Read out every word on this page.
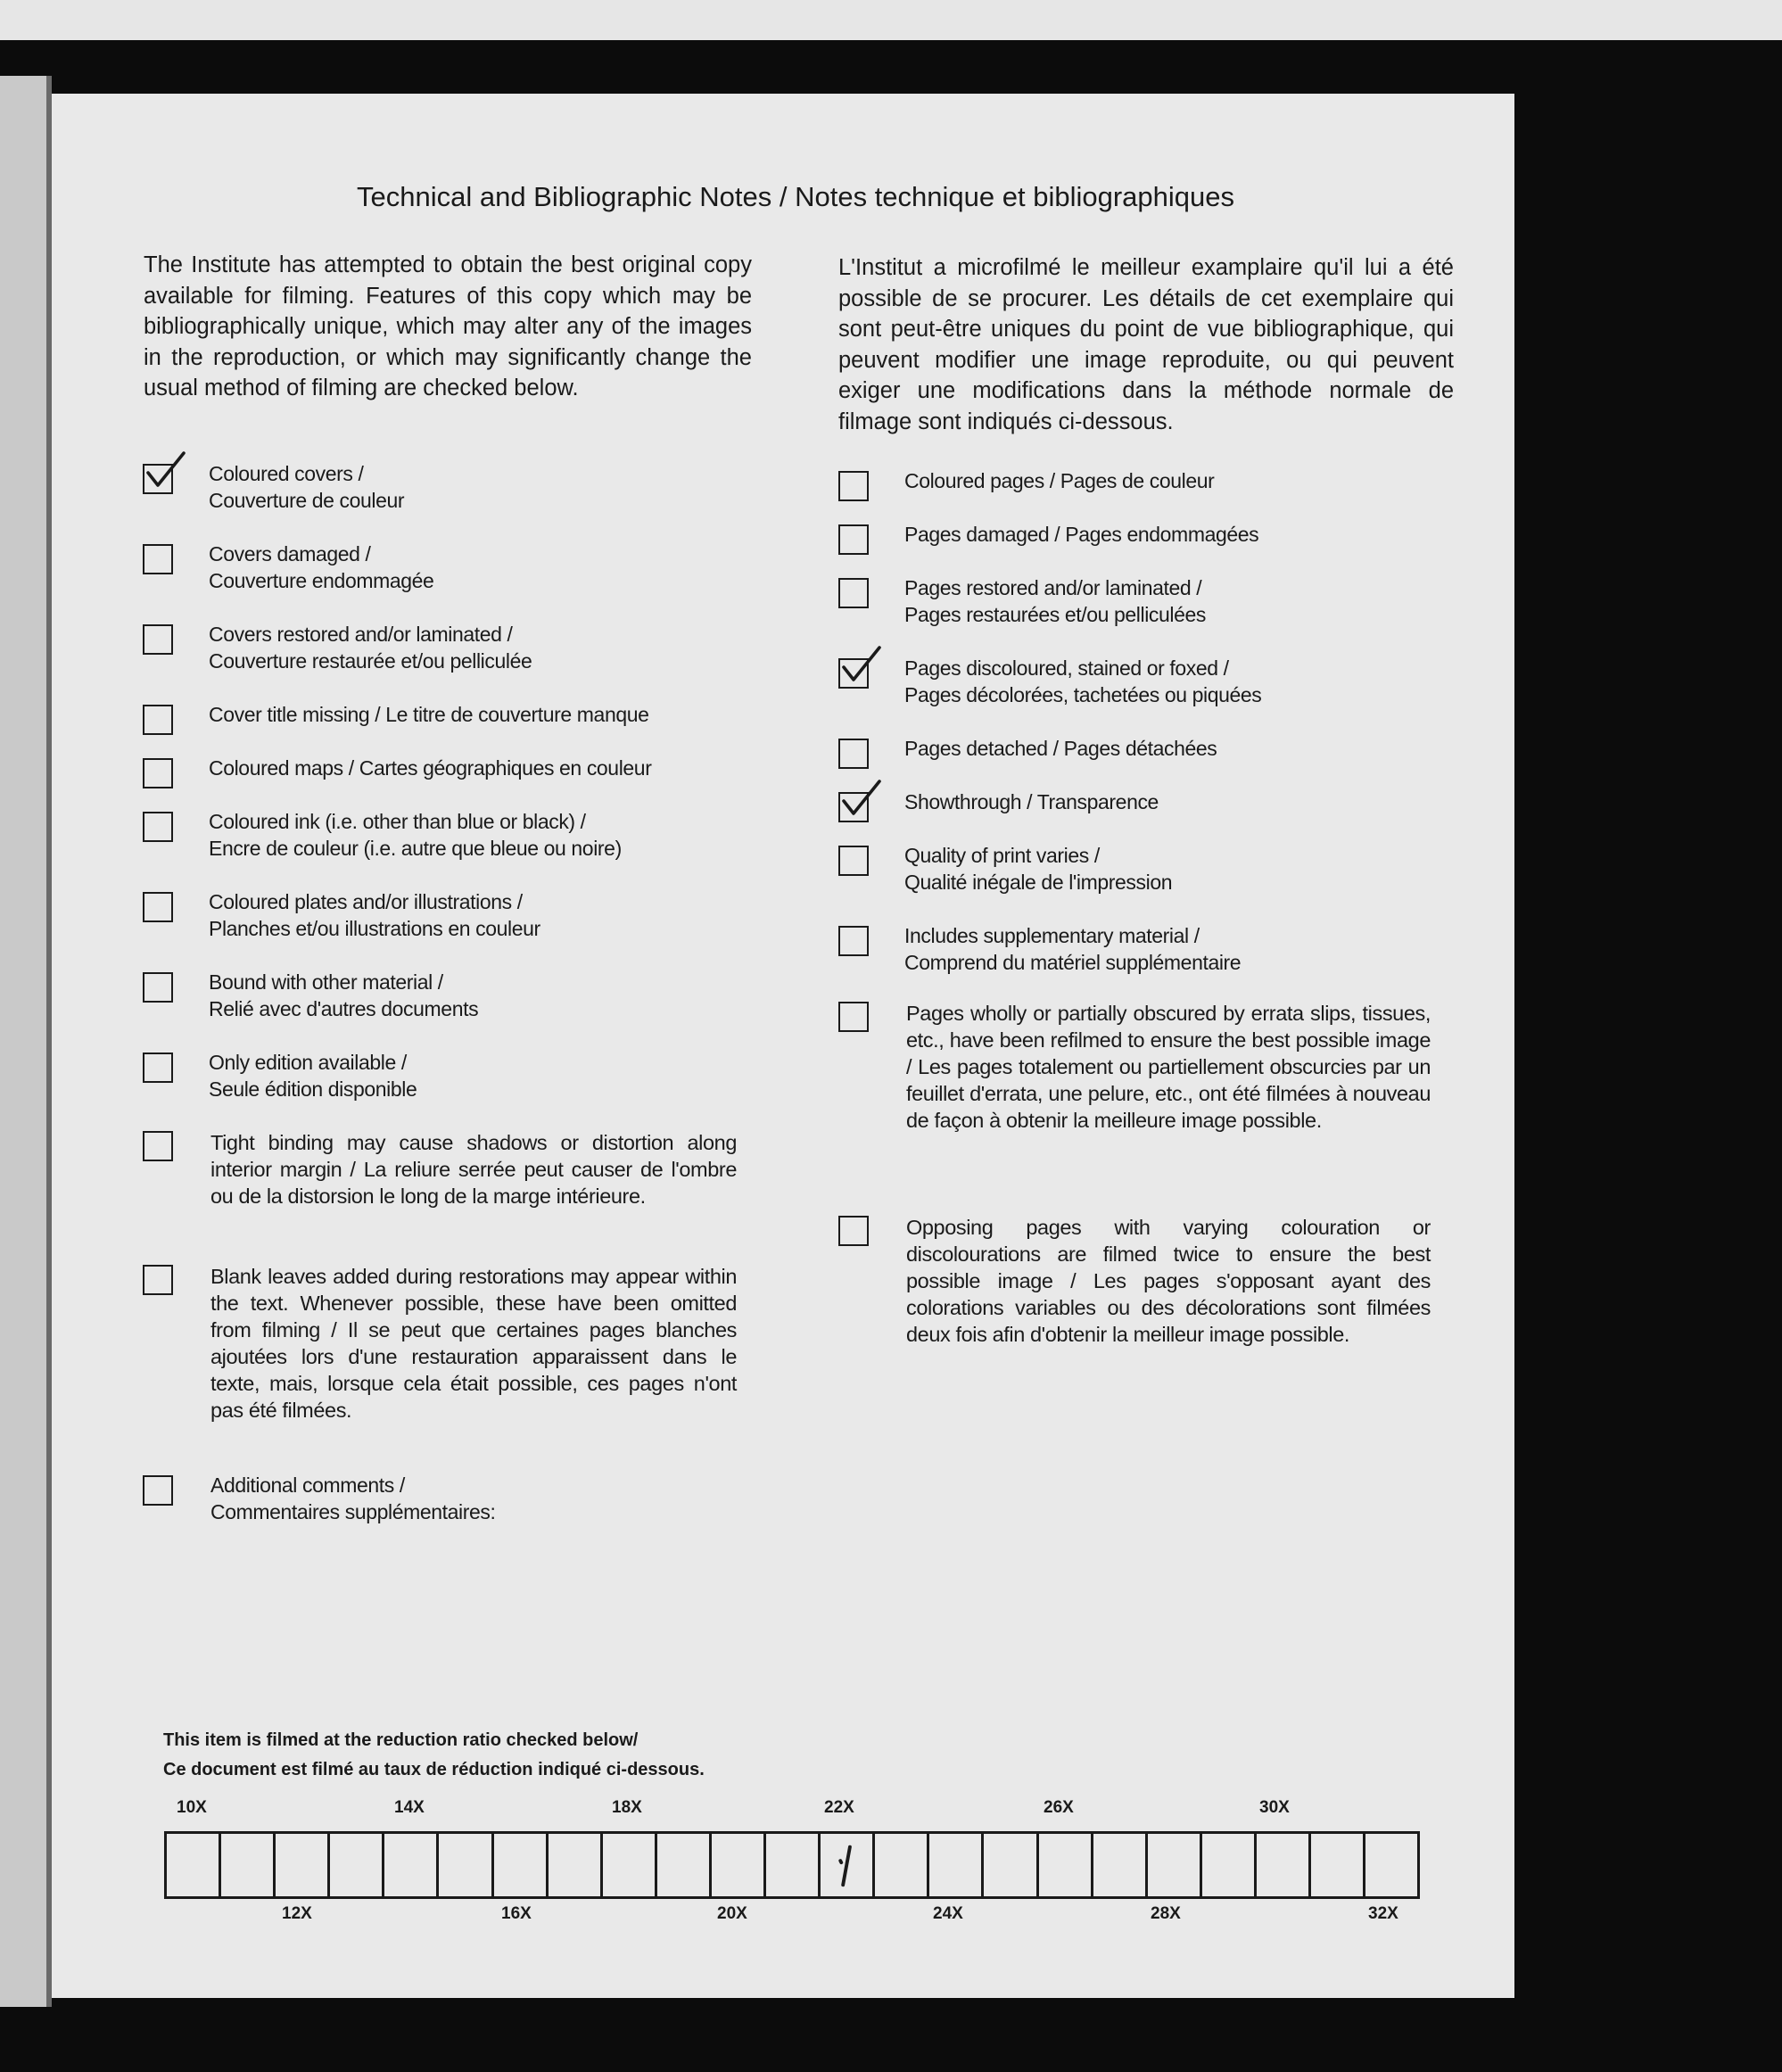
Technical and Bibliographic Notes / Notes technique et bibliographiques
The Institute has attempted to obtain the best original copy available for filming. Features of this copy which may be bibliographically unique, which may alter any of the images in the reproduction, or which may significantly change the usual method of filming are checked below.
L'Institut a microfilmé le meilleur examplaire qu'il lui a été possible de se procurer. Les détails de cet exemplaire qui sont peut-être uniques du point de vue bibliographique, qui peuvent modifier une image reproduite, ou qui peuvent exiger une modifications dans la méthode normale de filmage sont indiqués ci-dessous.
Coloured covers /
Couverture de couleur
Covers damaged /
Couverture endommagée
Covers restored and/or laminated /
Couverture restaurée et/ou pelliculée
Cover title missing / Le titre de couverture manque
Coloured maps / Cartes géographiques en couleur
Coloured ink (i.e. other than blue or black) /
Encre de couleur (i.e. autre que bleue ou noire)
Coloured plates and/or illustrations /
Planches et/ou illustrations en couleur
Bound with other material /
Relié avec d'autres documents
Only edition available /
Seule édition disponible
Tight binding may cause shadows or distortion along interior margin / La reliure serrée peut causer de l'ombre ou de la distorsion le long de la marge intérieure.
Blank leaves added during restorations may appear within the text. Whenever possible, these have been omitted from filming / Il se peut que certaines pages blanches ajoutées lors d'une restauration apparaissent dans le texte, mais, lorsque cela était possible, ces pages n'ont pas été filmées.
Additional comments /
Commentaires supplémentaires:
Coloured pages / Pages de couleur
Pages damaged / Pages endommagées
Pages restored and/or laminated /
Pages restaurées et/ou pelliculées
Pages discoloured, stained or foxed /
Pages décolorées, tachetées ou piquées
Pages detached / Pages détachées
Showthrough / Transparence
Quality of print varies /
Qualité inégale de l'impression
Includes supplementary material /
Comprend du matériel supplémentaire
Pages wholly or partially obscured by errata slips, tissues, etc., have been refilmed to ensure the best possible image / Les pages totalement ou partiellement obscurcies par un feuillet d'errata, une pelure, etc., ont été filmées à nouveau de façon à obtenir la meilleure image possible.
Opposing pages with varying colouration or discolourations are filmed twice to ensure the best possible image / Les pages s'opposant ayant des colorations variables ou des décolorations sont filmées deux fois afin d'obtenir la meilleur image possible.
This item is filmed at the reduction ratio checked below/
Ce document est filmé au taux de réduction indiqué ci-dessous.
10X	14X	18X	22X	26X	30X
12X	16X	20X	24X	28X	32X
